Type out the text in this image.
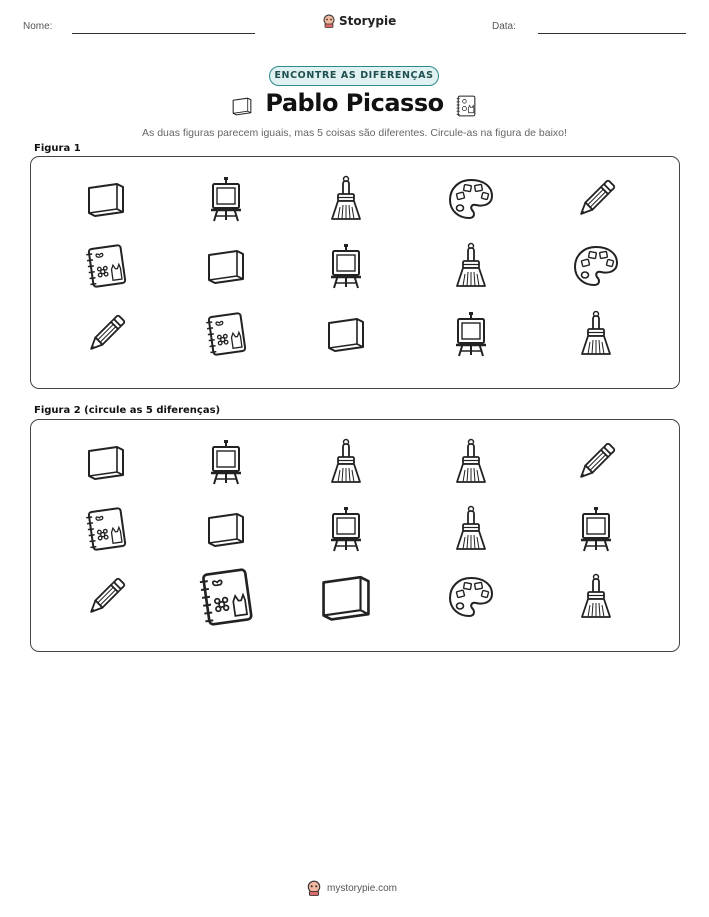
Nome:	Storypie	Data:
ENCONTRE AS DIFERENÇAS
Pablo Picasso
As duas figuras parecem iguais, mas 5 coisas são diferentes. Circule-as na figura de baixo!
Figura 1
Figura 2 (circule as 5 diferenças)
mystorypie.com
